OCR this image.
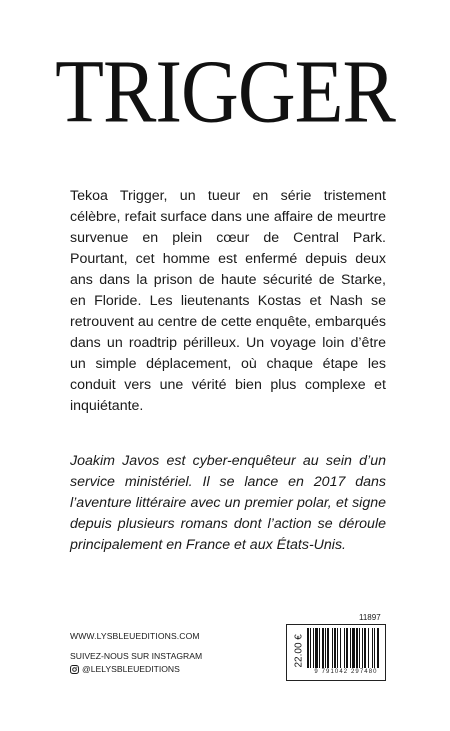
TRIGGER

Tekoa Trigger, un tueur en série tristement célèbre, refait surface dans une affaire de meurtre survenue en plein cœur de Central Park. Pourtant, cet homme est enfermé depuis deux ans dans la prison de haute sécurité de Starke, en Floride. Les lieutenants Kostas et Nash se retrouvent au centre de cette enquête, embarqués dans un roadtrip périlleux. Un voyage loin d’être un simple déplacement, où chaque étape les conduit vers une vérité bien plus complexe et inquiétante.

Joakim Javos est cyber-enquêteur au sein d’un service ministériel. Il se lance en 2017 dans l’aventure littéraire avec un premier polar, et signe depuis plusieurs romans dont l’action se déroule principalement en France et aux États-Unis.

WWW.LYSBLEUEDITIONS.COM
SUIVEZ-NOUS SUR INSTAGRAM
@LELYSBLEUEDITIONS
11897
22.00 €
9 791042 297480
